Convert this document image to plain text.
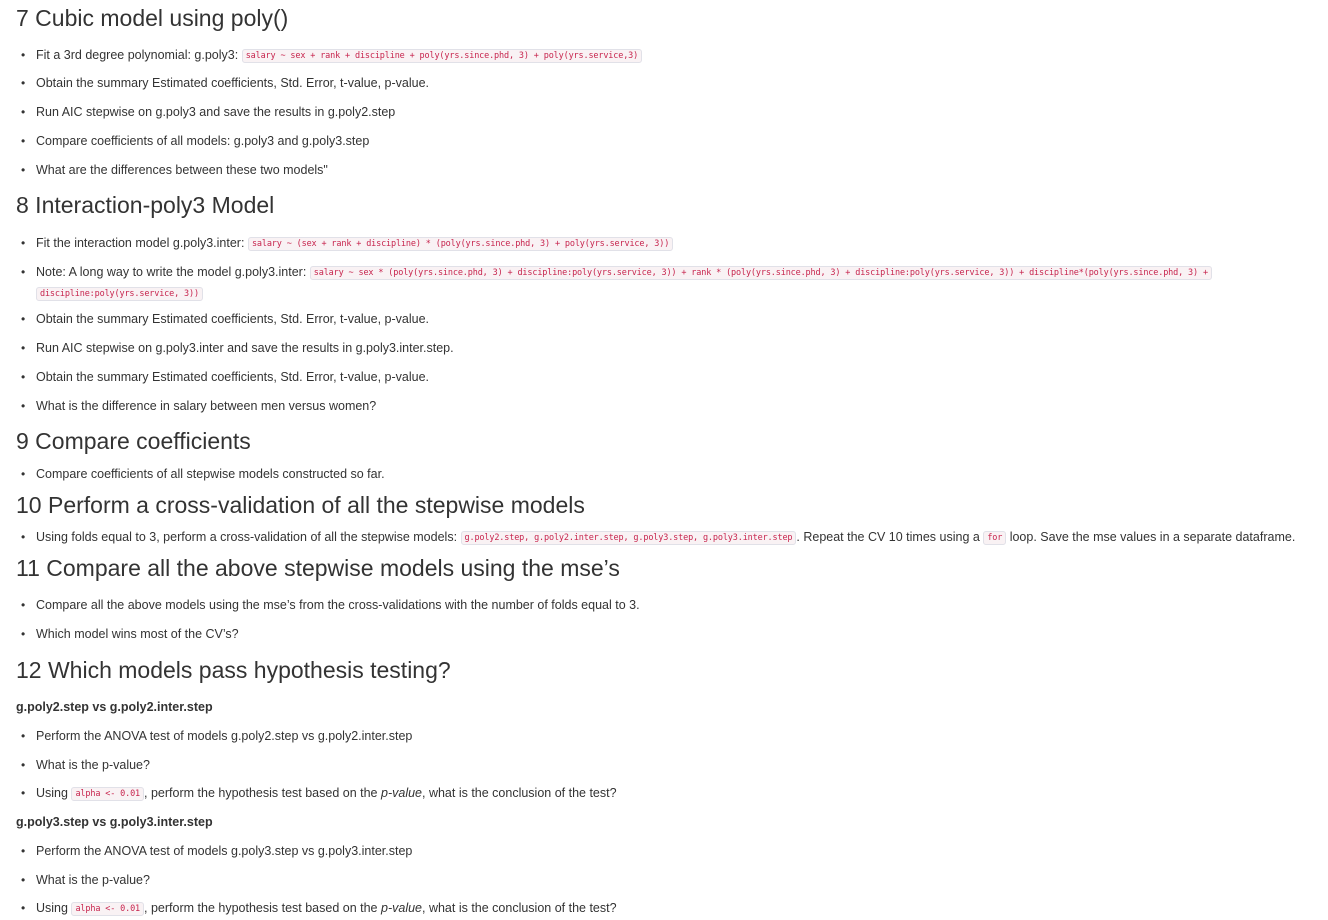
7 Cubic model using poly()
• Fit a 3rd degree polynomial: g.poly3: salary ~ sex + rank + discipline + poly(yrs.since.phd, 3) + poly(yrs.service,3)
• Obtain the summary Estimated coefficients, Std. Error, t-value, p-value.
• Run AIC stepwise on g.poly3 and save the results in g.poly2.step
• Compare coefficients of all models: g.poly3 and g.poly3.step
• What are the differences between these two models"
8 Interaction-poly3 Model
• Fit the interaction model g.poly3.inter: salary ~ (sex + rank + discipline) * (poly(yrs.since.phd, 3) + poly(yrs.service, 3))
• Note: A long way to write the model g.poly3.inter: salary ~ sex * (poly(yrs.since.phd, 3) + discipline:poly(yrs.service, 3)) + rank * (poly(yrs.since.phd, 3) + discipline:poly(yrs.service, 3)) + discipline*(poly(yrs.since.phd, 3) +
discipline:poly(yrs.service, 3))
• Obtain the summary Estimated coefficients, Std. Error, t-value, p-value.
• Run AIC stepwise on g.poly3.inter and save the results in g.poly3.inter.step.
• Obtain the summary Estimated coefficients, Std. Error, t-value, p-value.
• What is the difference in salary between men versus women?
9 Compare coefficients
• Compare coefficients of all stepwise models constructed so far.
10 Perform a cross-validation of all the stepwise models
• Using folds equal to 3, perform a cross-validation of all the stepwise models: g.poly2.step, g.poly2.inter.step, g.poly3.step, g.poly3.inter.step . Repeat the CV 10 times using a for loop. Save the mse values in a separate dataframe.
11 Compare all the above stepwise models using the mse’s
• Compare all the above models using the mse’s from the cross-validations with the number of folds equal to 3.
• Which model wins most of the CV’s?
12 Which models pass hypothesis testing?
g.poly2.step vs g.poly2.inter.step
• Perform the ANOVA test of models g.poly2.step vs g.poly2.inter.step
• What is the p-value?
• Using alpha <- 0.01 , perform the hypothesis test based on the p-value, what is the conclusion of the test?
g.poly3.step vs g.poly3.inter.step
• Perform the ANOVA test of models g.poly3.step vs g.poly3.inter.step
• What is the p-value?
• Using alpha <- 0.01 , perform the hypothesis test based on the p-value, what is the conclusion of the test?
